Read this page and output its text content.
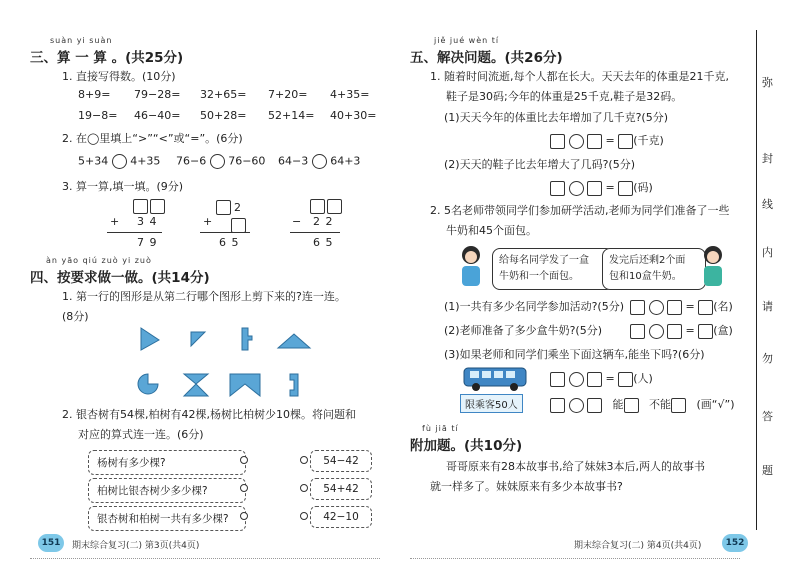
suàn yi suàn
三、算 一 算 。(共25分)
1. 直接写得数。(10分)
8+9= 79−28= 32+65= 7+20= 4+35=
19−8= 46−40= 50+28= 52+14= 40+30=
2. 在◯里填上“>”“<”或“=”。(6分)
5+34 4+35 76−6 76−60 64−3 64+3
3. 算一算,填一填。(9分)
+ 3 4
7 9
2
+
6 5
− 2 2
6 5
àn yāo qiú zuò yi zuò
四、按要求做一做。(共14分)
1. 第一行的图形是从第二行哪个图形上剪下来的?连一连。
(8分)
2. 银杏树有54棵,柏树有42棵,杨树比柏树少10棵。将问题和
对应的算式连一连。(6分)
杨树有多少棵?
柏树比银杏树少多少棵?
银杏树和柏树一共有多少棵?
54−42
54+42
42−10
151	期末综合复习(二) 第3页(共4页)
jiě jué wèn tí
五、解决问题。(共26分)
1. 随着时间流逝,每个人都在长大。天天去年的体重是21千克,
鞋子是30码;今年的体重是25千克,鞋子是32码。
(1)天天今年的体重比去年增加了几千克?(5分)
= (千克)
(2)天天的鞋子比去年增大了几码?(5分)
= (码)
2. 5名老师带领同学们参加研学活动,老师为同学们准备了一些
牛奶和45个面包。
给每名同学发了一盒
牛奶和一个面包。
发完后还剩2个面
包和10盒牛奶。
(1)一共有多少名同学参加活动?(5分)	= (名)
(2)老师准备了多少盒牛奶?(5分)	= (盒)
(3)如果老师和同学们乘坐下面这辆车,能坐下吗?(6分)
限乘客50人
= (人)
能 不能 (画“√”)
fù jiā tí
附加题。(共10分)
哥哥原来有28本故事书,给了妹妹3本后,两人的故事书
就一样多了。妹妹原来有多少本故事书?
期末综合复习(二) 第4页(共4页)	152
弥
封
线
内
请
勿
答
题
